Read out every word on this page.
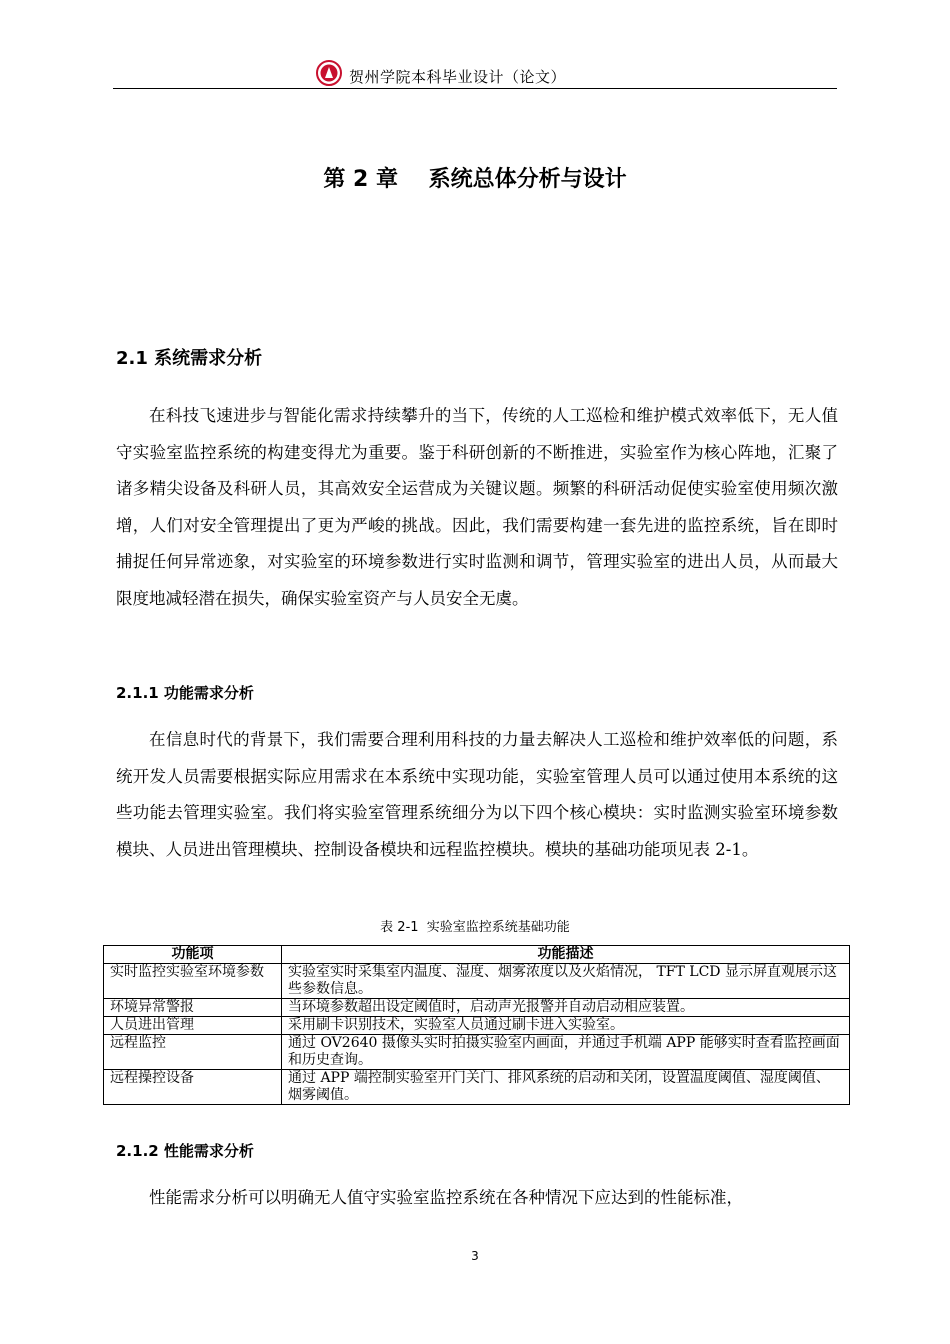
贺州学院本科毕业设计（论文）
第 2 章    系统总体分析与设计
2.1 系统需求分析

在科技飞速进步与智能化需求持续攀升的当下，传统的人工巡检和维护模式效率低下，无人值守实验室监控系统的构建变得尤为重要。鉴于科研创新的不断推进，实验室作为核心阵地，汇聚了诸多精尖设备及科研人员，其高效安全运营成为关键议题。频繁的科研活动促使实验室使用频次激增，人们对安全管理提出了更为严峻的挑战。因此，我们需要构建一套先进的监控系统，旨在即时捕捉任何异常迹象，对实验室的环境参数进行实时监测和调节，管理实验室的进出人员，从而最大限度地减轻潜在损失，确保实验室资产与人员安全无虞。

2.1.1 功能需求分析

在信息时代的背景下，我们需要合理利用科技的力量去解决人工巡检和维护效率低的问题，系统开发人员需要根据实际应用需求在本系统中实现功能，实验室管理人员可以通过使用本系统的这些功能去管理实验室。我们将实验室管理系统细分为以下四个核心模块：实时监测实验室环境参数模块、人员进出管理模块、控制设备模块和远程监控模块。模块的基础功能项见表 2-1。

表 2-1  实验室监控系统基础功能
功能项	功能描述
实时监控实验室环境参数	实验室实时采集室内温度、湿度、烟雾浓度以及火焰情况， TFT LCD 显示屏直观展示这些参数信息。
环境异常警报	当环境参数超出设定阈值时，启动声光报警并自动启动相应装置。
人员进出管理	采用刷卡识别技术，实验室人员通过刷卡进入实验室。
远程监控	通过 OV2640 摄像头实时拍摄实验室内画面，并通过手机端 APP 能够实时查看监控画面和历史查询。
远程操控设备	通过 APP 端控制实验室开门关门、排风系统的启动和关闭，设置温度阈值、湿度阈值、烟雾阈值。
2.1.2 性能需求分析

性能需求分析可以明确无人值守实验室监控系统在各种情况下应达到的性能标准，

3
